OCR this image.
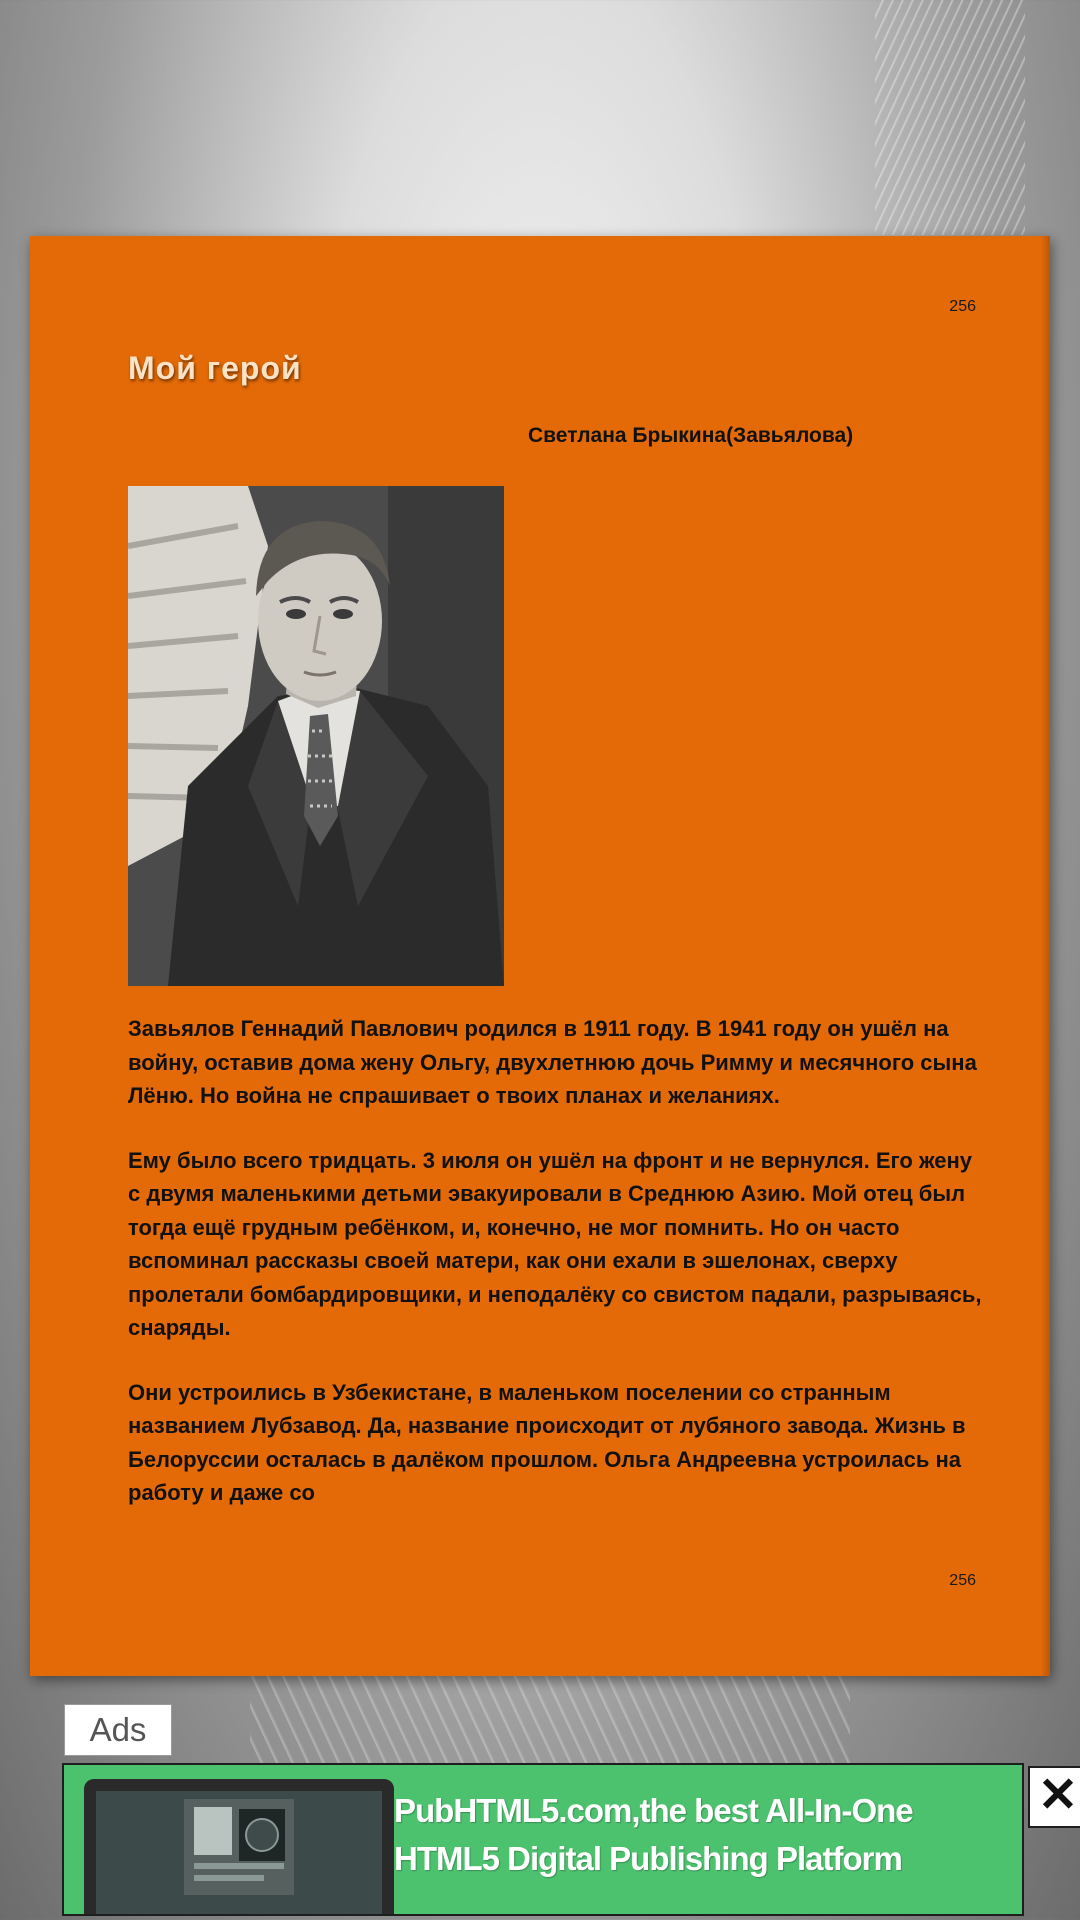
256
Мой герой
Светлана Брыкина(Завьялова)

Завьялов Геннадий Павлович родился в 1911 году. В 1941 году он ушёл на войну, оставив дома жену Ольгу, двухлетнюю дочь Римму и месячного сына Лёню. Но война не спрашивает о твоих планах и желаниях.

Ему было всего тридцать. 3 июля он ушёл на фронт и не вернулся. Его жену с двумя маленькими детьми эвакуировали в Среднюю Азию. Мой отец был тогда ещё грудным ребёнком, и, конечно, не мог помнить. Но он часто вспоминал рассказы своей матери, как они ехали в эшелонах, сверху пролетали бомбардировщики, и неподалёку со свистом падали, разрываясь, снаряды.

Они устроились в Узбекистане, в маленьком поселении со странным названием Лубзавод. Да, название происходит от лубяного завода. Жизнь в Белоруссии осталась в далёком прошлом. Ольга Андреевна устроилась на работу и даже со

256
Ads
PubHTML5.com,the best All-In-One
HTML5 Digital Publishing Platform
✕
